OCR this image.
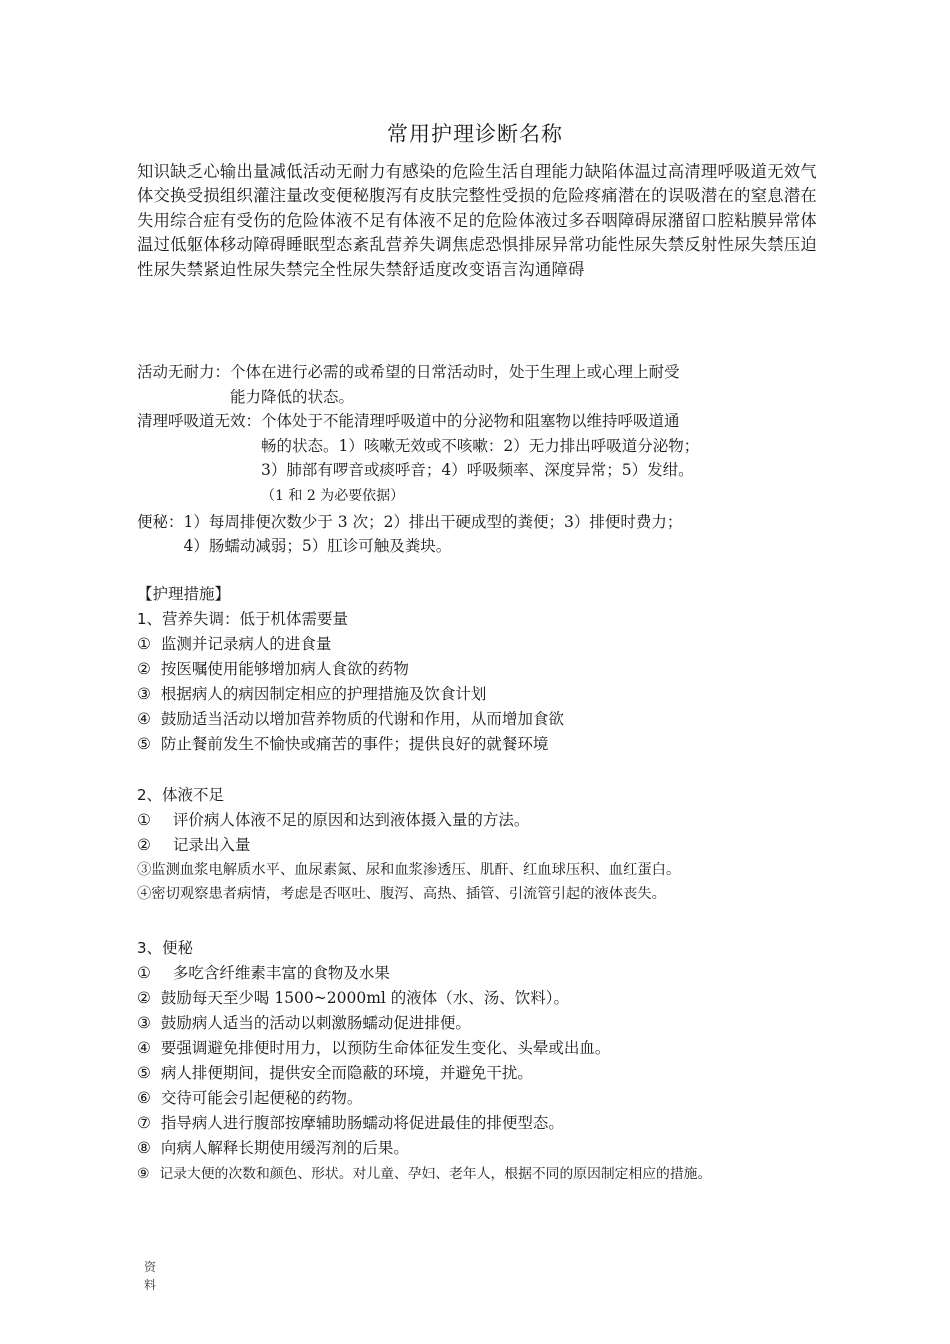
常用护理诊断名称
知识缺乏心输出量减低活动无耐力有感染的危险生活自理能力缺陷体温过高清理呼吸道无效气体交换受损组织灌注量改变便秘腹泻有皮肤完整性受损的危险疼痛潜在的误吸潜在的窒息潜在失用综合症有受伤的危险体液不足有体液不足的危险体液过多吞咽障碍尿潴留口腔粘膜异常体温过低躯体移动障碍睡眠型态紊乱营养失调焦虑恐惧排尿异常功能性尿失禁反射性尿失禁压迫性尿失禁紧迫性尿失禁完全性尿失禁舒适度改变语言沟通障碍
活动无耐力： 个体在进行必需的或希望的日常活动时，处于生理上或心理上耐受
能力降低的状态。
清理呼吸道无效： 个体处于不能清理呼吸道中的分泌物和阻塞物以维持呼吸道通
畅的状态。1）咳嗽无效或不咳嗽：2）无力排出呼吸道分泌物；
3）肺部有啰音或痰呼音；4）呼吸频率、深度异常；5）发绀。
（1 和 2 为必要依据）
便秘： 1）每周排便次数少于 3 次；2）排出干硬成型的粪便；3）排便时费力；
4）肠蠕动减弱；5）肛诊可触及粪块。
【护理措施】
1、营养失调：低于机体需要量
① 监测并记录病人的进食量
② 按医嘱使用能够增加病人食欲的药物
③ 根据病人的病因制定相应的护理措施及饮食计划
④ 鼓励适当活动以增加营养物质的代谢和作用，从而增加食欲
⑤ 防止餐前发生不愉快或痛苦的事件；提供良好的就餐环境
2、体液不足
① 评价病人体液不足的原因和达到液体摄入量的方法。
② 记录出入量
③监测血浆电解质水平、血尿素氮、尿和血浆渗透压、肌酐、红血球压积、血红蛋白。
④密切观察患者病情，考虑是否呕吐、腹泻、高热、插管、引流管引起的液体丧失。
3、便秘
① 多吃含纤维素丰富的食物及水果
② 鼓励每天至少喝 1500~2000ml 的液体（水、汤、饮料）。
③ 鼓励病人适当的活动以刺激肠蠕动促进排便。
④ 要强调避免排便时用力，以预防生命体征发生变化、头晕或出血。
⑤ 病人排便期间，提供安全而隐蔽的环境，并避免干扰。
⑥ 交待可能会引起便秘的药物。
⑦ 指导病人进行腹部按摩辅助肠蠕动将促进最佳的排便型态。
⑧ 向病人解释长期使用缓泻剂的后果。
⑨ 记录大便的次数和颜色、形状。对儿童、孕妇、老年人，根据不同的原因制定相应的措施。
资
料
